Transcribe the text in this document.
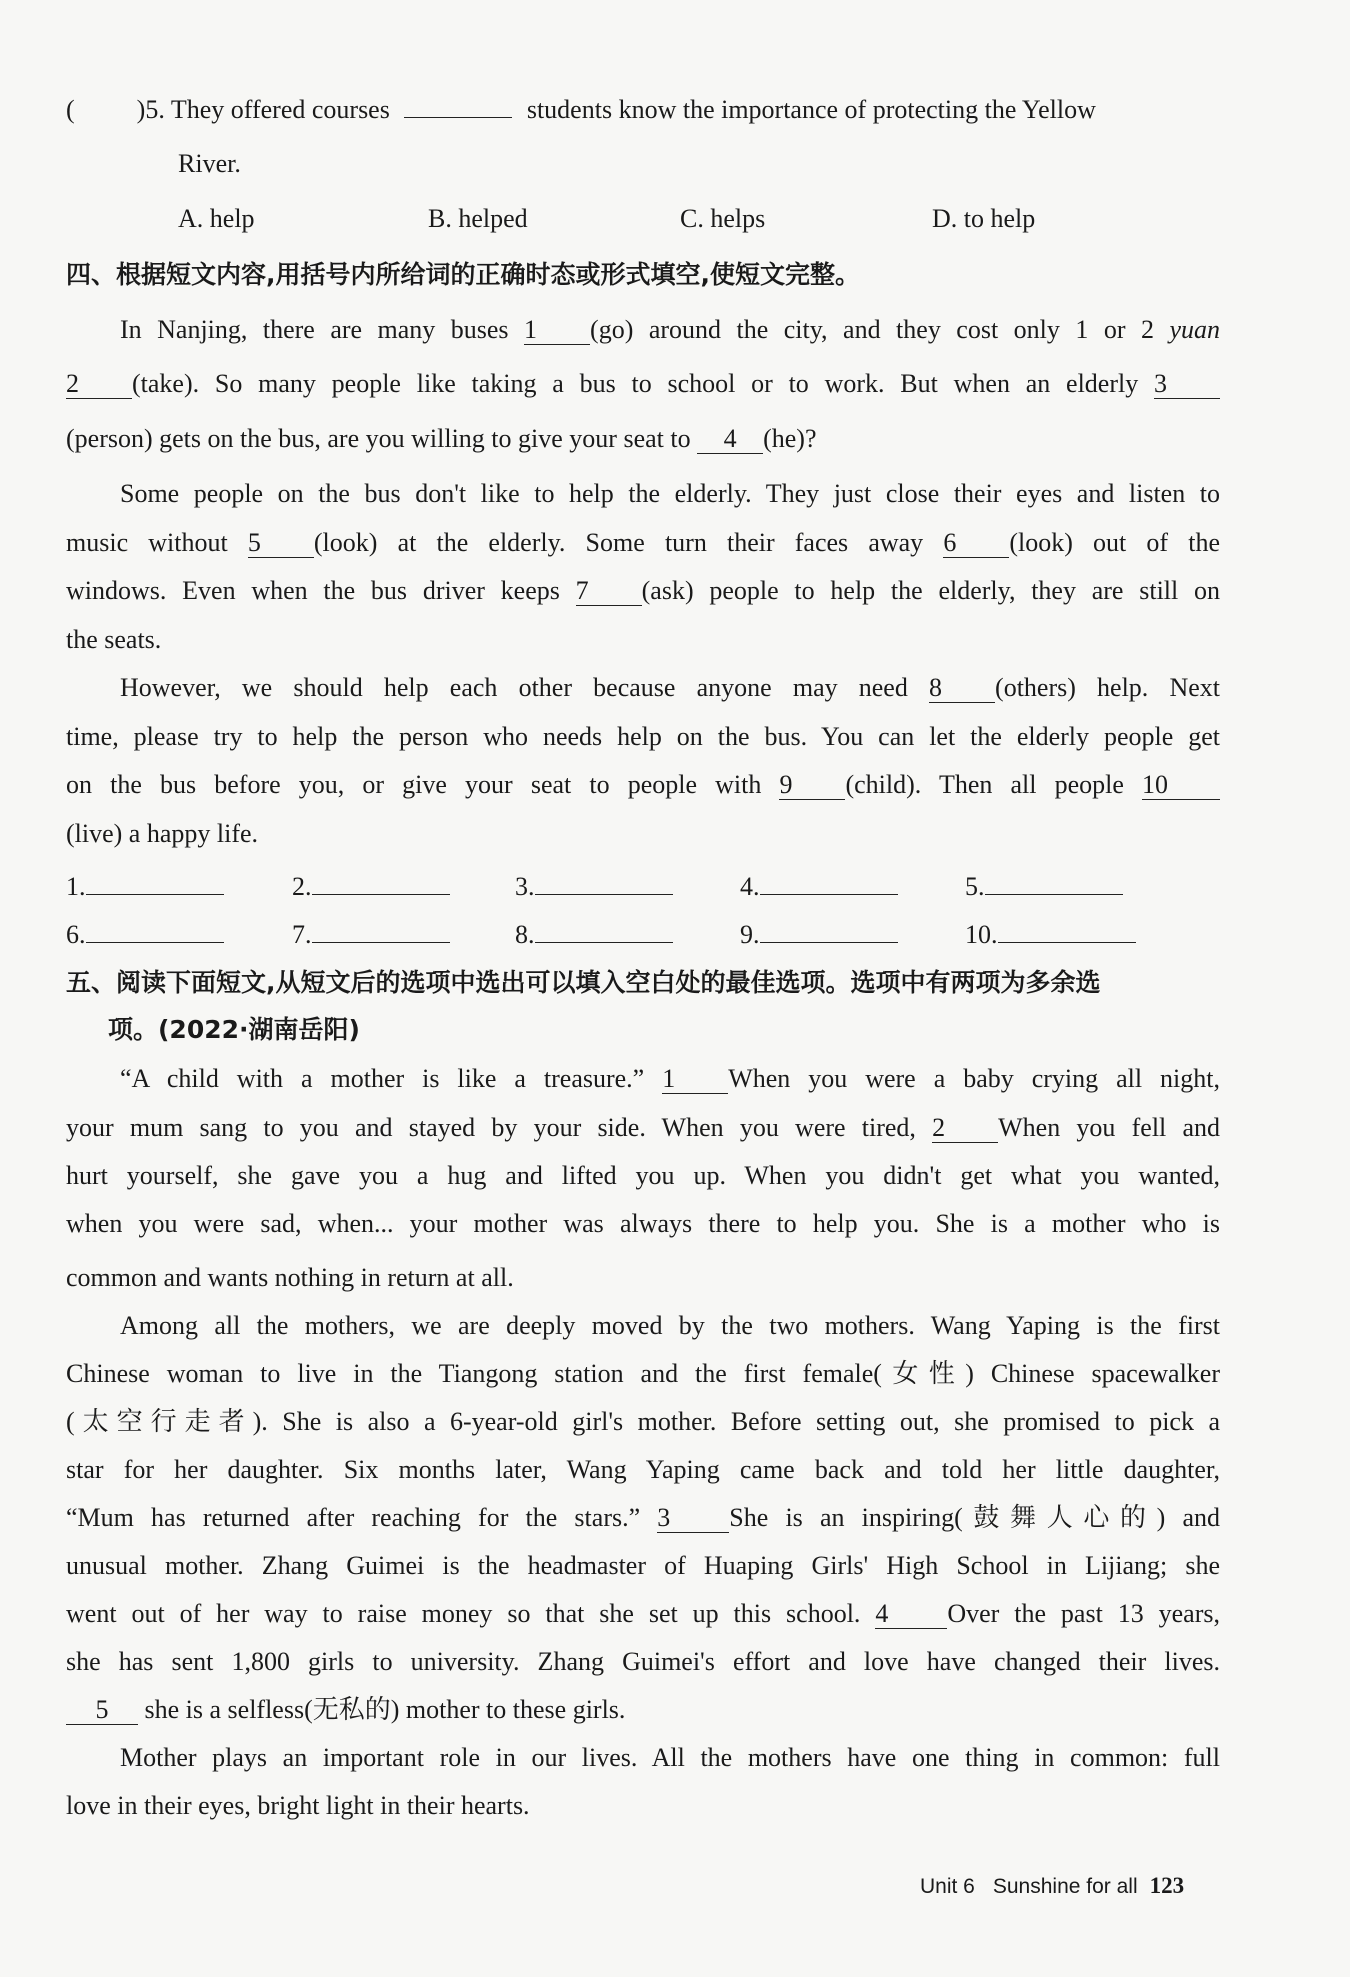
( )5. They offered courses	students know the importance of protecting the Yellow
River.
A. help	B. helped	C. helps	D. to help
四、根据短文内容,用括号内所给词的正确时态或形式填空,使短文完整。
In Nanjing, there are many buses 1 (go) around the city, and they cost only 1 or 2 yuan
2 (take). So many people like taking a bus to school or to work. But when an elderly 3
(person) gets on the bus, are you willing to give your seat to 4 (he)?
Some people on the bus don't like to help the elderly. They just close their eyes and listen to
music without 5 (look) at the elderly. Some turn their faces away 6 (look) out of the
windows. Even when the bus driver keeps 7 (ask) people to help the elderly, they are still on
the seats.
However, we should help each other because anyone may need 8 (others) help. Next
time, please try to help the person who needs help on the bus. You can let the elderly people get
on the bus before you, or give your seat to people with 9 (child). Then all people 10
(live) a happy life.
1.	2.	3.	4.	5.
6.	7.	8.	9.	10.
五、阅读下面短文,从短文后的选项中选出可以填入空白处的最佳选项。选项中有两项为多余选
项。(2022·湖南岳阳)
“A child with a mother is like a treasure.” 1 When you were a baby crying all night,
your mum sang to you and stayed by your side. When you were tired, 2 When you fell and
hurt yourself, she gave you a hug and lifted you up. When you didn't get what you wanted,
when you were sad, when... your mother was always there to help you. She is a mother who is
common and wants nothing in return at all.
Among all the mothers, we are deeply moved by the two mothers. Wang Yaping is the first
Chinese woman to live in the Tiangong station and the first female(女性) Chinese spacewalker
(太空行走者). She is also a 6-year-old girl's mother. Before setting out, she promised to pick a
star for her daughter. Six months later, Wang Yaping came back and told her little daughter,
“Mum has returned after reaching for the stars.” 3 She is an inspiring(鼓舞人心的) and
unusual mother. Zhang Guimei is the headmaster of Huaping Girls' High School in Lijiang; she
went out of her way to raise money so that she set up this school. 4 Over the past 13 years,
she has sent 1,800 girls to university. Zhang Guimei's effort and love have changed their lives.
5 she is a selfless(无私的) mother to these girls.
Mother plays an important role in our lives. All the mothers have one thing in common: full
love in their eyes, bright light in their hearts.
Unit 6 Sunshine for all 123
